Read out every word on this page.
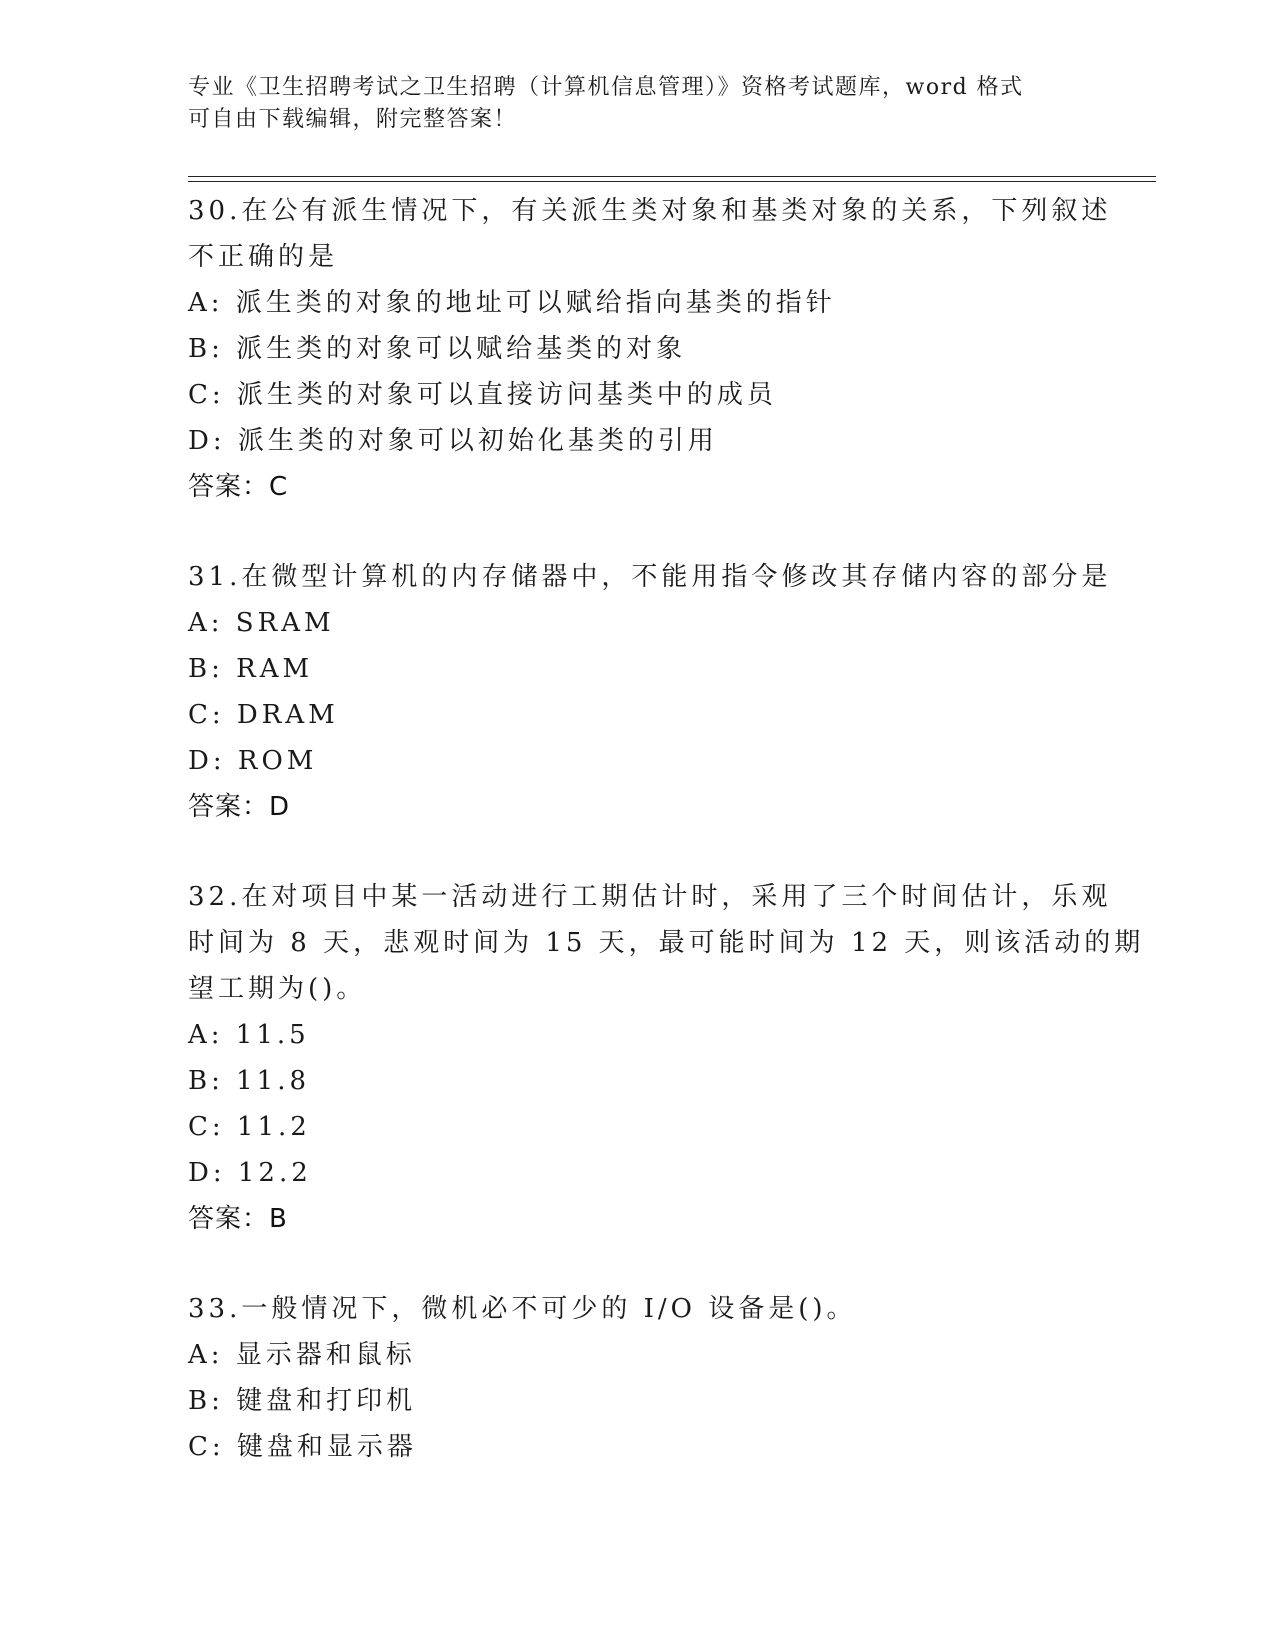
专业《卫生招聘考试之卫生招聘（计算机信息管理）》资格考试题库，word 格式
可自由下载编辑，附完整答案！
30.在公有派生情况下，有关派生类对象和基类对象的关系，下列叙述
不正确的是
A: 派生类的对象的地址可以赋给指向基类的指针
B: 派生类的对象可以赋给基类的对象
C: 派生类的对象可以直接访问基类中的成员
D: 派生类的对象可以初始化基类的引用
答案：C
31.在微型计算机的内存储器中，不能用指令修改其存储内容的部分是
A: SRAM
B: RAM
C: DRAM
D: ROM
答案：D
32.在对项目中某一活动进行工期估计时，采用了三个时间估计，乐观
时间为 8 天，悲观时间为 15 天，最可能时间为 12 天，则该活动的期
望工期为()。
A: 11.5
B: 11.8
C: 11.2
D: 12.2
答案：B
33.一般情况下，微机必不可少的 I/O 设备是()。
A: 显示器和鼠标
B: 键盘和打印机
C: 键盘和显示器
